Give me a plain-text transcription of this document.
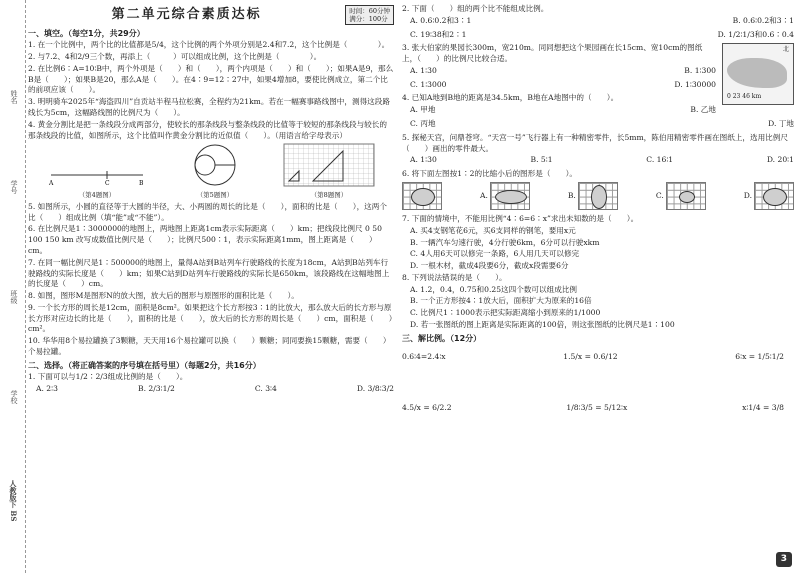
姓名
学号
班级
学校
人教版下 BS
第二单元综合素质达标	时间：60分钟
满分：100分
一、填空。（每空1分，共29分）
1. 在一个比例中，两个比的比值都是5/4，这个比例的两个外项分别是2.4和7.2，这个比例是（　　　　）。
2. 与7.2、4和2/9三个数，再添上（　　　）可以组成比例，这个比例是（　　　　）。
2. 在比例6∶A=10∶B中，两个外项是（　　）和（　　），两个内项是（　　）和（　　）；如果A是9，那么B是（　　）；如果B是20，那么A是（　　）。在4∶9=12∶27中，如果4增加8，要使比例成立，第二个比的前项应该（　　）。
3. 明明骑车2025年“海盗四川”自贡站半程马拉松赛，全程约为21km。若在一幅赛事路线图中，测得这段路线长为5cm，这幅路线图的比例尺为（　　）。
4. 黄金分割比是把一条线段分成两部分，使较长的那条线段与整条线段的比值等于较短的那条线段与较长的那条线段的比值，如图所示，这个比值叫作黄金分割比的近似值（　　）。（用语言给字母表示）
A	C	B
（第4题图）	（第5题图）	（第8题图）
5. 如图所示，小圆的直径等于大圆的半径，大、小两圆的周长的比是（　　），面积的比是（　　），这两个比（　　）组成比例（填“能”或“不能”）。
6. 在比例尺是1∶3000000的地图上，两地图上距离1cm表示实际距离（　　）km；把线段比例尺 0 50 100 150 km 改写成数值比例尺是（　　）；比例尺500∶1，表示实际距离1mm，图上距离是（　　）cm。
7. 在同一幅比例尺是1∶500000的地图上，量得A站到B站列车行驶路线的长度为18cm，A站到B站列车行驶路线的实际长度是（　　）km；如果C站到D站列车行驶路线的实际长是650km，该段路线在这幅地图上的长度是（　　）cm。
8. 如图，图形M是图形N的放大图，放大后的图形与原图形的面积比是（　　）。
9. 一个长方形的周长是12cm，面积是8cm²。如果把这个长方形按3∶1的比放大，那么放大后的长方形与原长方形对应边长的比是（　　），面积的比是（　　），放大后的长方形的周长是（　　）cm，面积是（　　）cm²。
10. 华华用8个易拉罐换了3颗糖，天天用16个易拉罐可以换（　　）颗糖；同同要换15颗糖，需要（　　）个易拉罐。
二、选择。（将正确答案的序号填在括号里）（每题2分，共16分）
1. 下面可以与1/2∶2/3组成比例的是（　　）。
A. 2∶3	B. 2/3∶1/2	C. 3∶4	D. 3/8∶3/2
2. 下面（　　）组的两个比不能组成比例。
A. 0.6∶0.2和3∶1	B. 0.6∶0.2和3∶1
C. 19∶38和2∶1	D. 1/2∶1/3和0.6∶0.4
北
0 23 46 km
3. 张大伯家的果园长300m，宽210m。同同想把这个果园画在长15cm、宽10cm的图纸上，（　　）的比例尺比较合适。
A. 1∶30	B. 1∶300
C. 1∶3000	D. 1∶30000
4. 已知A地到B地的距离是34.5km，B地在A地图中的（　　）。
A. 甲地	B. 乙地
C. 丙地	D. 丁地
5. 探秘天宫，问鼎苍穹。“天宫一号”飞行器上有一种精密零件，长5mm，陈伯用精密零件画在图纸上，选用比例尺（　　）画出的零件最大。
A. 1∶30	B. 5∶1	C. 16∶1	D. 20∶1
6. 将下面左图按1∶2的比缩小后的图形是（　　）。
A.	B.	C.	D.
7. 下面的情境中，不能用比例“4∶6=6∶x”求出未知数的是（　　）。
A. 买4支钢笔花6元，买6支同样的钢笔，要用x元
B. 一辆汽车匀速行驶，4分行驶6km，6分可以行驶xkm
C. 4人用6天可以修完一条路，6人用几天可以修完
D. 一根木材，截成4段要6分，截成x段需要6分
8. 下列说法错误的是（　　）。
A. 1.2，0.4，0.75和0.25这四个数可以组成比例
B. 一个正方形按4∶1放大后，面积扩大为原来的16倍
C. 比例尺1∶1000表示把实际距离缩小到原来的1/1000
D. 若一张图纸的图上距离是实际距离的100倍，则这张图纸的比例尺是1∶100
三、解比例。（12分）
0.6∶4=2.4∶x	1.5/x = 0.6/12	6∶x = 1/5∶1/2
4.5/x = 6/2.2	1/8∶3/5 = 5/12∶x	x∶1/4 = 3/8
3
